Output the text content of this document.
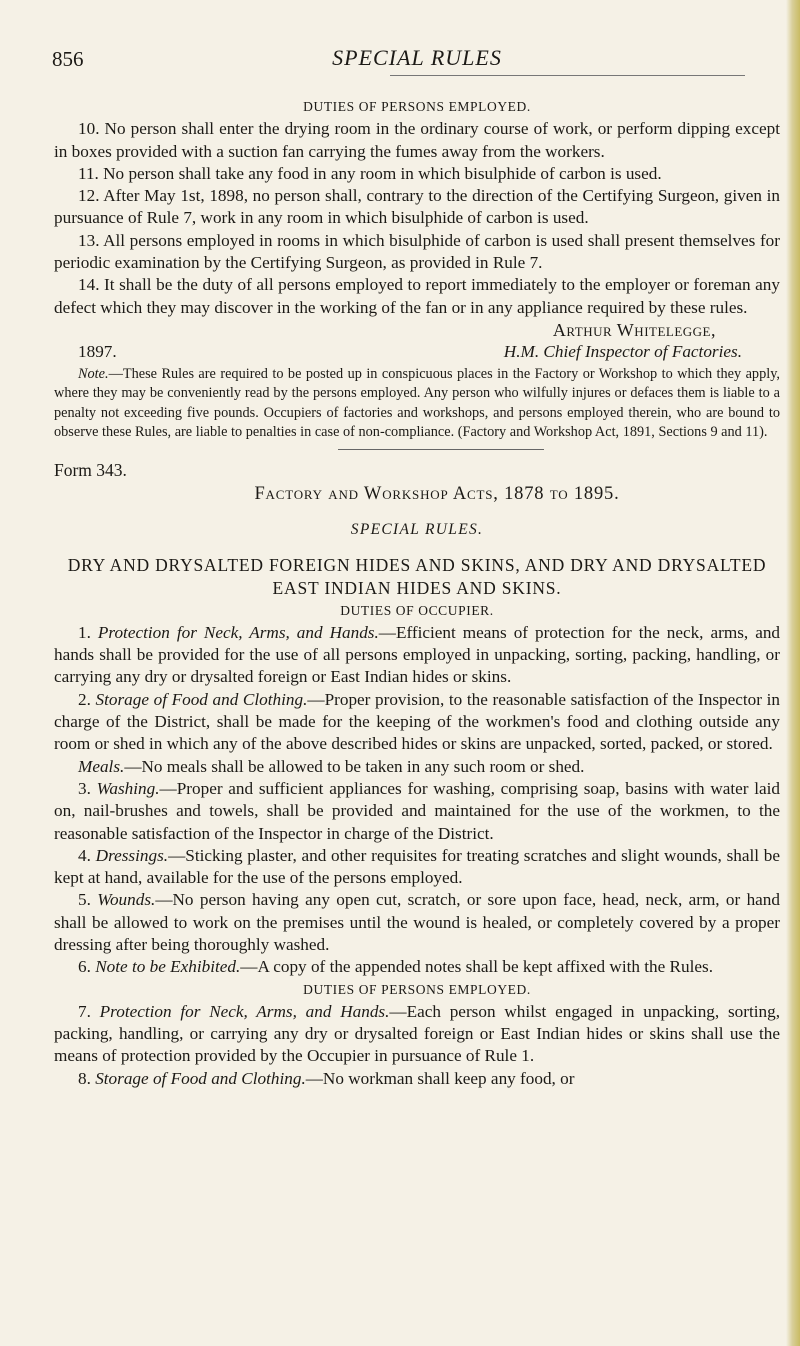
856	SPECIAL RULES

DUTIES OF PERSONS EMPLOYED.

10. No person shall enter the drying room in the ordinary course of work, or perform dipping except in boxes provided with a suction fan carrying the fumes away from the workers.

11. No person shall take any food in any room in which bisulphide of carbon is used.

12. After May 1st, 1898, no person shall, contrary to the direction of the Certifying Surgeon, given in pursuance of Rule 7, work in any room in which bisulphide of carbon is used.

13. All persons employed in rooms in which bisulphide of carbon is used shall present themselves for periodic examination by the Certifying Surgeon, as provided in Rule 7.

14. It shall be the duty of all persons employed to report immediately to the employer or foreman any defect which they may discover in the working of the fan or in any appliance required by these rules.

Arthur Whitelegge,

1897.	H.M. Chief Inspector of Factories.

Note.—These Rules are required to be posted up in conspicuous places in the Factory or Workshop to which they apply, where they may be conveniently read by the persons employed. Any person who wilfully injures or defaces them is liable to a penalty not exceeding five pounds. Occupiers of factories and workshops, and persons employed therein, who are bound to observe these Rules, are liable to penalties in case of non-compliance. (Factory and Workshop Act, 1891, Sections 9 and 11).

Form 343.

Factory and Workshop Acts, 1878 to 1895.

SPECIAL RULES.

DRY AND DRYSALTED FOREIGN HIDES AND SKINS, AND DRY AND DRYSALTED EAST INDIAN HIDES AND SKINS.

DUTIES OF OCCUPIER.

1. Protection for Neck, Arms, and Hands.—Efficient means of protection for the neck, arms, and hands shall be provided for the use of all persons employed in unpacking, sorting, packing, handling, or carrying any dry or drysalted foreign or East Indian hides or skins.

2. Storage of Food and Clothing.—Proper provision, to the reasonable satisfaction of the Inspector in charge of the District, shall be made for the keeping of the workmen's food and clothing outside any room or shed in which any of the above described hides or skins are unpacked, sorted, packed, or stored.

Meals.—No meals shall be allowed to be taken in any such room or shed.

3. Washing.—Proper and sufficient appliances for washing, comprising soap, basins with water laid on, nail-brushes and towels, shall be provided and maintained for the use of the workmen, to the reasonable satisfaction of the Inspector in charge of the District.

4. Dressings.—Sticking plaster, and other requisites for treating scratches and slight wounds, shall be kept at hand, available for the use of the persons employed.

5. Wounds.—No person having any open cut, scratch, or sore upon face, head, neck, arm, or hand shall be allowed to work on the premises until the wound is healed, or completely covered by a proper dressing after being thoroughly washed.

6. Note to be Exhibited.—A copy of the appended notes shall be kept affixed with the Rules.

DUTIES OF PERSONS EMPLOYED.

7. Protection for Neck, Arms, and Hands.—Each person whilst engaged in unpacking, sorting, packing, handling, or carrying any dry or drysalted foreign or East Indian hides or skins shall use the means of protection provided by the Occupier in pursuance of Rule 1.

8. Storage of Food and Clothing.—No workman shall keep any food, or
